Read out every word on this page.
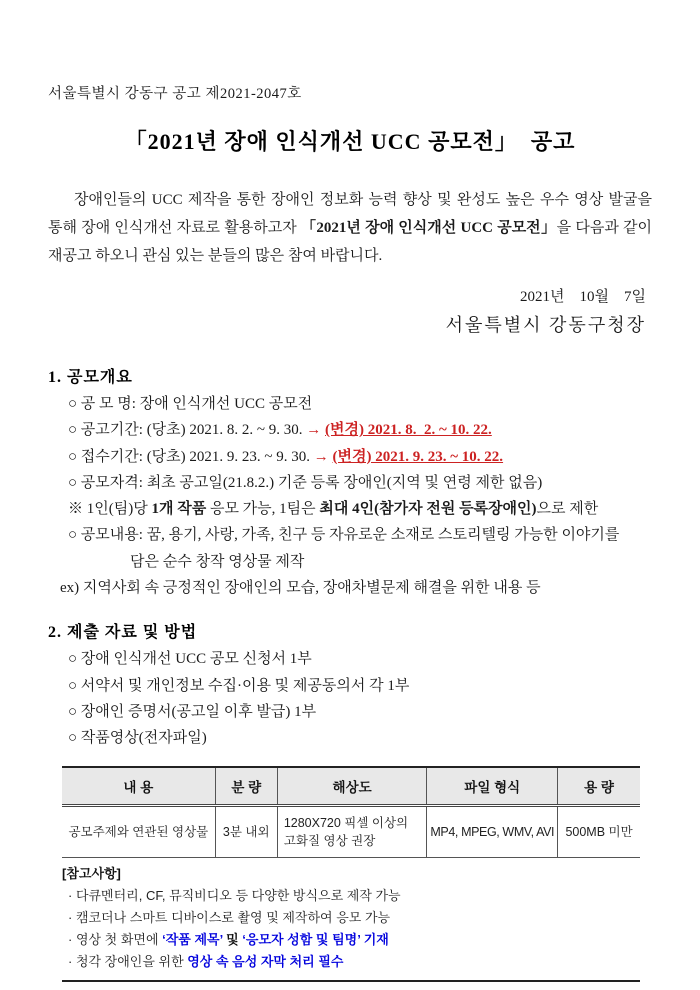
서울특별시 강동구 공고 제2021-2047호
「2021년 장애 인식개선 UCC 공모전」  공고

장애인들의 UCC 제작을 통한 장애인 정보화 능력 향상 및 완성도 높은 우수 영상 발굴을 통해 장애 인식개선 자료로 활용하고자 「2021년 장애 인식개선 UCC 공모전」을 다음과 같이 재공고 하오니 관심 있는 분들의 많은 참여 바랍니다.

2021년    10월    7일
서울특별시 강동구청장
1. 공모개요
○ 공 모 명: 장애 인식개선 UCC 공모전
○ 공고기간: (당초) 2021. 8. 2. ~ 9. 30. → (변경) 2021. 8.  2. ~ 10. 22.
○ 접수기간: (당초) 2021. 9. 23. ~ 9. 30. → (변경) 2021. 9. 23. ~ 10. 22.
○ 공모자격: 최초 공고일(21.8.2.) 기준 등록 장애인(지역 및 연령 제한 없음)
※ 1인(팀)당 1개 작품 응모 가능, 1팀은 최대 4인(참가자 전원 등록장애인)으로 제한
○ 공모내용: 꿈, 용기, 사랑, 가족, 친구 등 자유로운 소재로 스토리텔링 가능한 이야기를
담은 순수 창작 영상물 제작
ex) 지역사회 속 긍정적인 장애인의 모습, 장애차별문제 해결을 위한 내용 등
2. 제출 자료 및 방법
○ 장애 인식개선 UCC 공모 신청서 1부
○ 서약서 및 개인정보 수집·이용 및 제공동의서 각 1부
○ 장애인 증명서(공고일 이후 발급) 1부
○ 작품영상(전자파일)
내 용	분 량	해상도	파일 형식	용 량
공모주제와 연관된 영상물	3분 내외	1280X720 픽셀 이상의 고화질 영상 권장	MP4, MPEG, WMV, AVI	500MB 미만
[참고사항]
· 다큐멘터리, CF, 뮤직비디오 등 다양한 방식으로 제작 가능
· 캠코더나 스마트 디바이스로 촬영 및 제작하여 응모 가능
· 영상 첫 화면에 ‘작품 제목’ 및 ‘응모자 성함 및 팀명’ 기재
· 청각 장애인을 위한 영상 속 음성 자막 처리 필수
